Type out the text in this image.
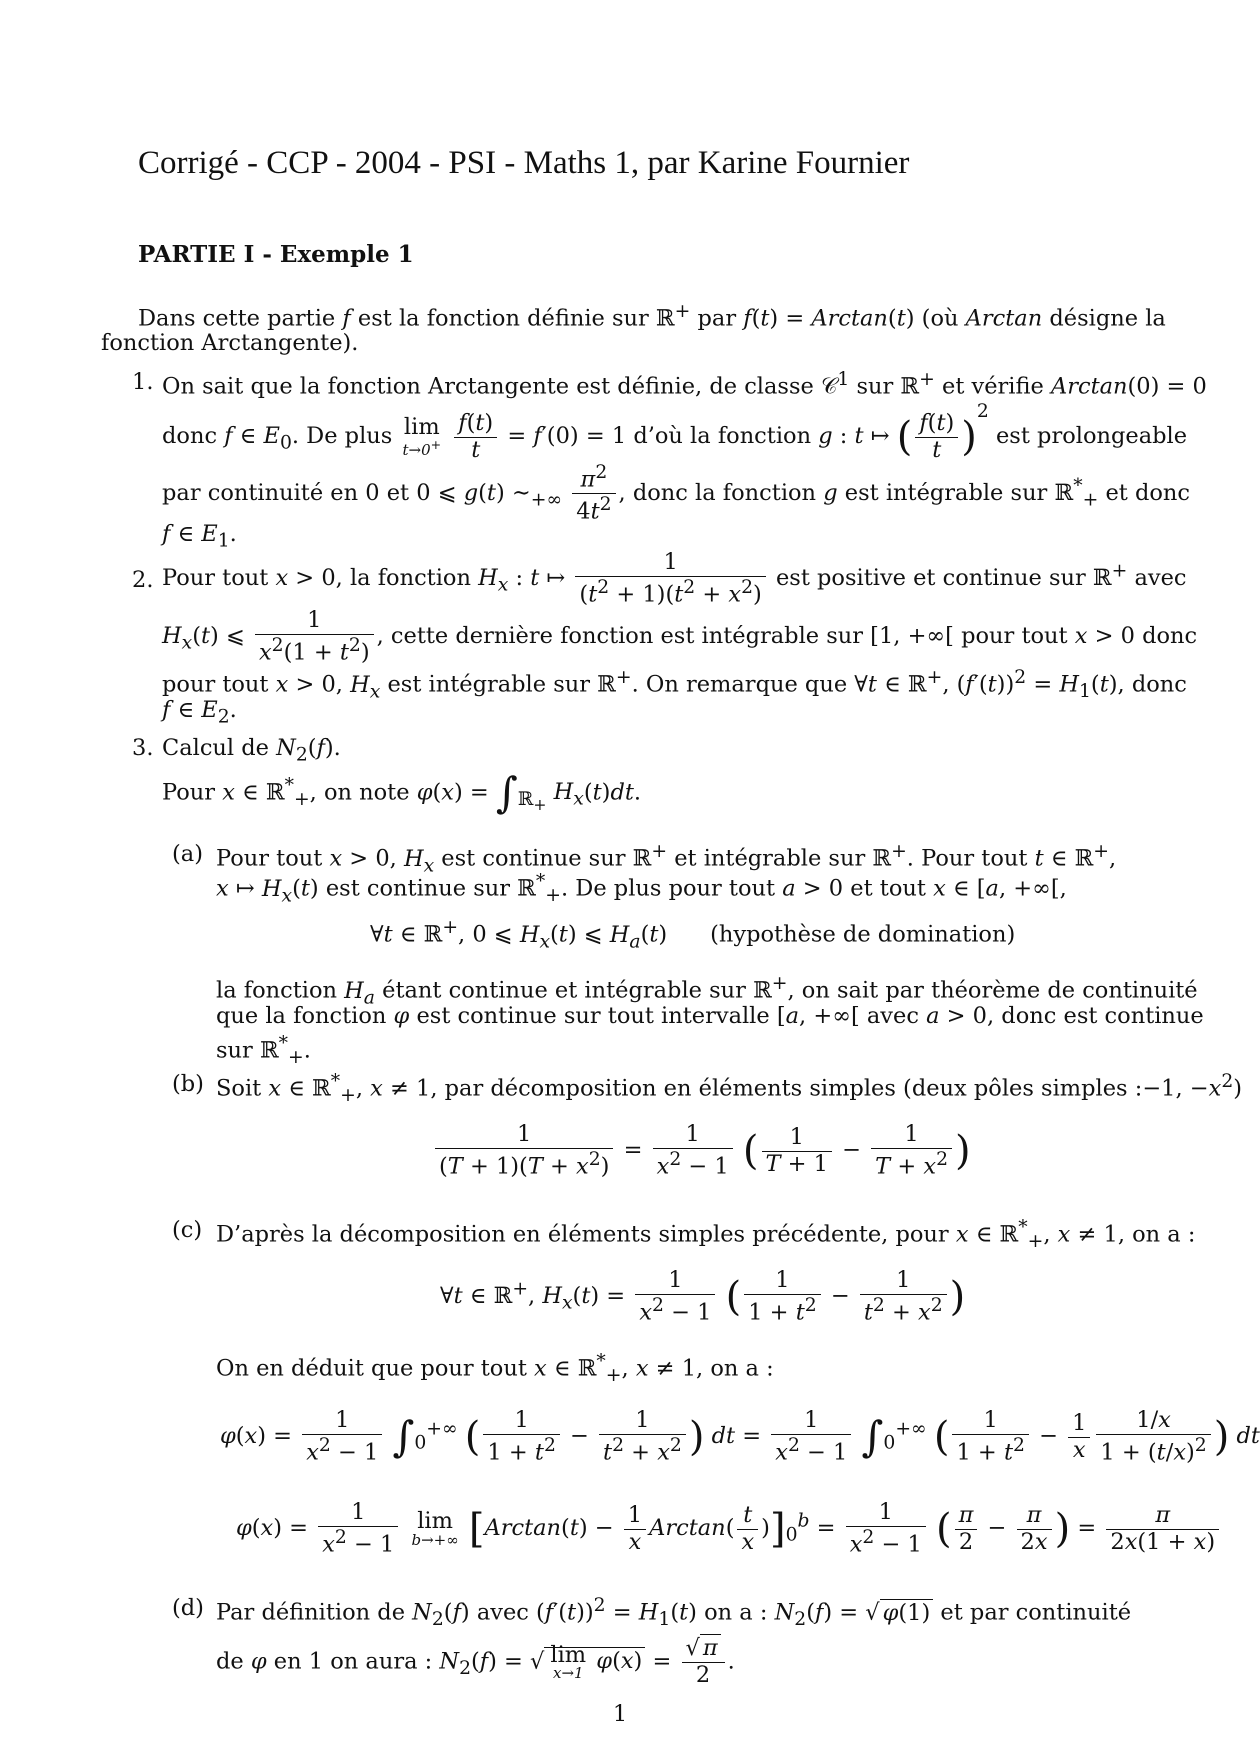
Corrigé - CCP - 2004 - PSI - Maths 1, par Karine Fournier
PARTIE I - Exemple 1
Dans cette partie f est la fonction définie sur ℝ+ par f(t) = Arctan(t) (où Arctan désigne la
fonction Arctangente).
1. On sait que la fonction Arctangente est définie, de classe 𝒞$^1$ sur ℝ+ et vérifie Arctan(0) = 0
donc f ∈ $E_0$. De plus lim
t→0+
$\frac{f(t)}{t} = f'(0) = 1$ d’où la fonction g : t ↦ ( $\frac{f(t)}{t} )^2$ est prolongeable
par continuité en 0 et 0 ⩽ g(t) $\sim_{+\infty} \frac{\pi^2}{4t^2}$ , donc la fonction g est intégrable sur ℝ*$_+$ et donc
f ∈ $E_1$.
2. Pour tout x > 0, la fonction $H_x$ : t ↦ $\frac{1}{(t^2 + 1)(t^2 + x^2)}$ est positive et continue sur ℝ+ avec
$H_x(t)$ ⩽ $\frac{1}{x^2(1 + t^2)}$ , cette dernière fonction est intégrable sur [1, +∞[ pour tout x > 0 donc
pour tout x > 0, $H_x$ est intégrable sur ℝ+. On remarque que ∀t ∈ ℝ+, $(f'(t))^2 = H_1(t)$, donc
f ∈ $E_2$.
3. Calcul de $N_2(f)$.
Pour x ∈ ℝ*$_+$, on note $\varphi(x) = \int_{ℝ_+}$ $H_x(t)dt$.
(a) Pour tout x > 0, $H_x$ est continue sur ℝ+ et intégrable sur ℝ+. Pour tout t ∈ ℝ+,
x ↦ $H_x(t)$ est continue sur ℝ*$_+$. De plus pour tout a > 0 et tout x ∈ [a, +∞[,
∀t ∈ ℝ+, 0 ⩽ $H_x(t)$ ⩽ $H_a(t)$      (hypothèse de domination)
la fonction $H_a$ étant continue et intégrable sur ℝ+, on sait par théorème de continuité
que la fonction φ est continue sur tout intervalle [a, +∞[ avec a > 0, donc est continue
sur ℝ*$_+$.
(b) Soit x ∈ ℝ*$_+$, x ≠ 1, par décomposition en éléments simples (deux pôles simples :−1, $-x^2$)
$\frac{1}{(T + 1)(T + x^2)} = \frac{1}{x^2 - 1}$ ( $\frac{1}{T + 1} - \frac{1}{T + x^2}$ )
(c) D’après la décomposition en éléments simples précédente, pour x ∈ ℝ*$_+$, x ≠ 1, on a :
∀t ∈ ℝ+, $H_x(t) = \frac{1}{x^2 - 1}$ ( $\frac{1}{1 + t^2} - \frac{1}{t^2 + x^2}$ )
On en déduit que pour tout x ∈ ℝ*$_+$, x ≠ 1, on a :
$\varphi(x) = \frac{1}{x^2 - 1} \int_0^{+\infty}$ ( $\frac{1}{1 + t^2} - \frac{1}{t^2 + x^2}$ ) dt = $\frac{1}{x^2 - 1} \int_0^{+\infty}$ ( $\frac{1}{1 + t^2} - \frac{1}{x} \frac{1/x}{1 + (t/x)^2}$ ) dt
$\varphi(x) = \frac{1}{x^2 - 1}$
lim
b→+∞ $[Arctan(t) - \frac{1}{x} Arctan( \frac{t}{x} )]_0^b = \frac{1}{x^2 - 1}$ ( $\frac{\pi}{2} - \frac{\pi}{2x}$ ) = $\frac{\pi}{2x(1 + x)}$
(d) Par définition de $N_2(f)$ avec $(f'(t))^2 = H_1(t)$ on a : $N_2(f)$ = √ φ(1) et par continuité
de φ en 1 on aura : $N_2(f)$ = √ lim
x→1 $\varphi(x) = \frac{√ \pi}{2}$ .
1
